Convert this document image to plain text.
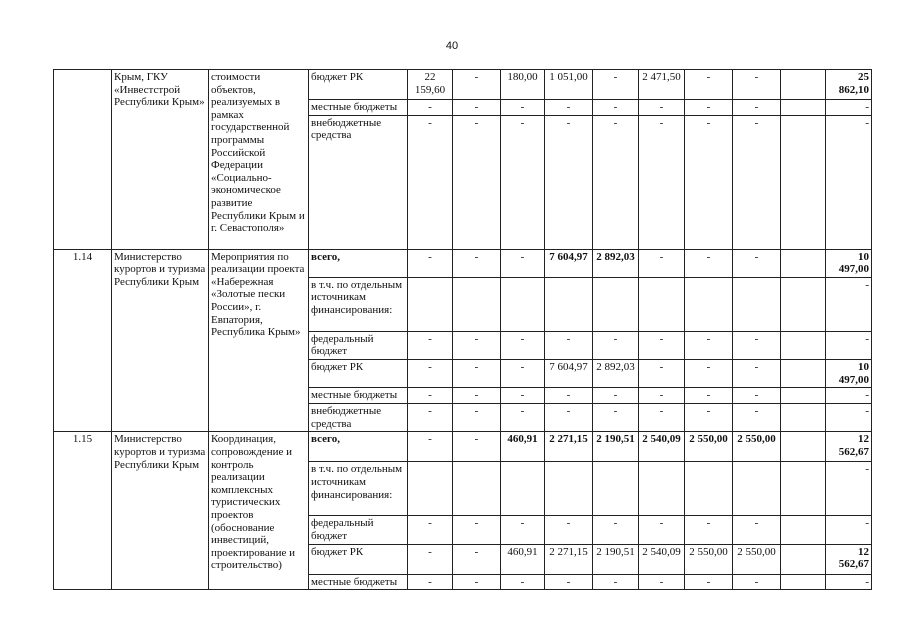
40
	Крым, ГКУ «Инвестстрой Республики Крым»	стоимости объектов, реализуемых в рамках государственной программы Российской Федерации «Социально-экономическое развитие Республики Крым и г. Севастополя»	бюджет РК	22 159,60	-	180,00	1 051,00	-	2 471,50	-	-		25 862,10
			местные бюджеты	-	-	-	-	-	-	-	-		-
			внебюджетные средства	-	-	-	-	-	-	-	-		-
1.14	Министерство курортов и туризма Республики Крым	Мероприятия по реализации проекта «Набережная «Золотые пески России», г. Евпатория, Республика Крым»	всего,	-	-	-	7 604,97	2 892,03	-	-	-		10 497,00
			в т.ч. по отдельным источникам финансирования:										-
			федеральный бюджет	-	-	-	-	-	-	-	-		-
			бюджет РК	-	-	-	7 604,97	2 892,03	-	-	-		10 497,00
			местные бюджеты	-	-	-	-	-	-	-	-		-
			внебюджетные средства	-	-	-	-	-	-	-	-		-
1.15	Министерство курортов и туризма Республики Крым	Координация, сопровождение и контроль реализации комплексных туристических проектов (обоснование инвестиций, проектирование и строительство)	всего,	-	-	460,91	2 271,15	2 190,51	2 540,09	2 550,00	2 550,00		12 562,67
			в т.ч. по отдельным источникам финансирования:										-
			федеральный бюджет	-	-	-	-	-	-	-	-		-
			бюджет РК	-	-	460,91	2 271,15	2 190,51	2 540,09	2 550,00	2 550,00		12 562,67
			местные бюджеты	-	-	-	-	-	-	-	-		-
